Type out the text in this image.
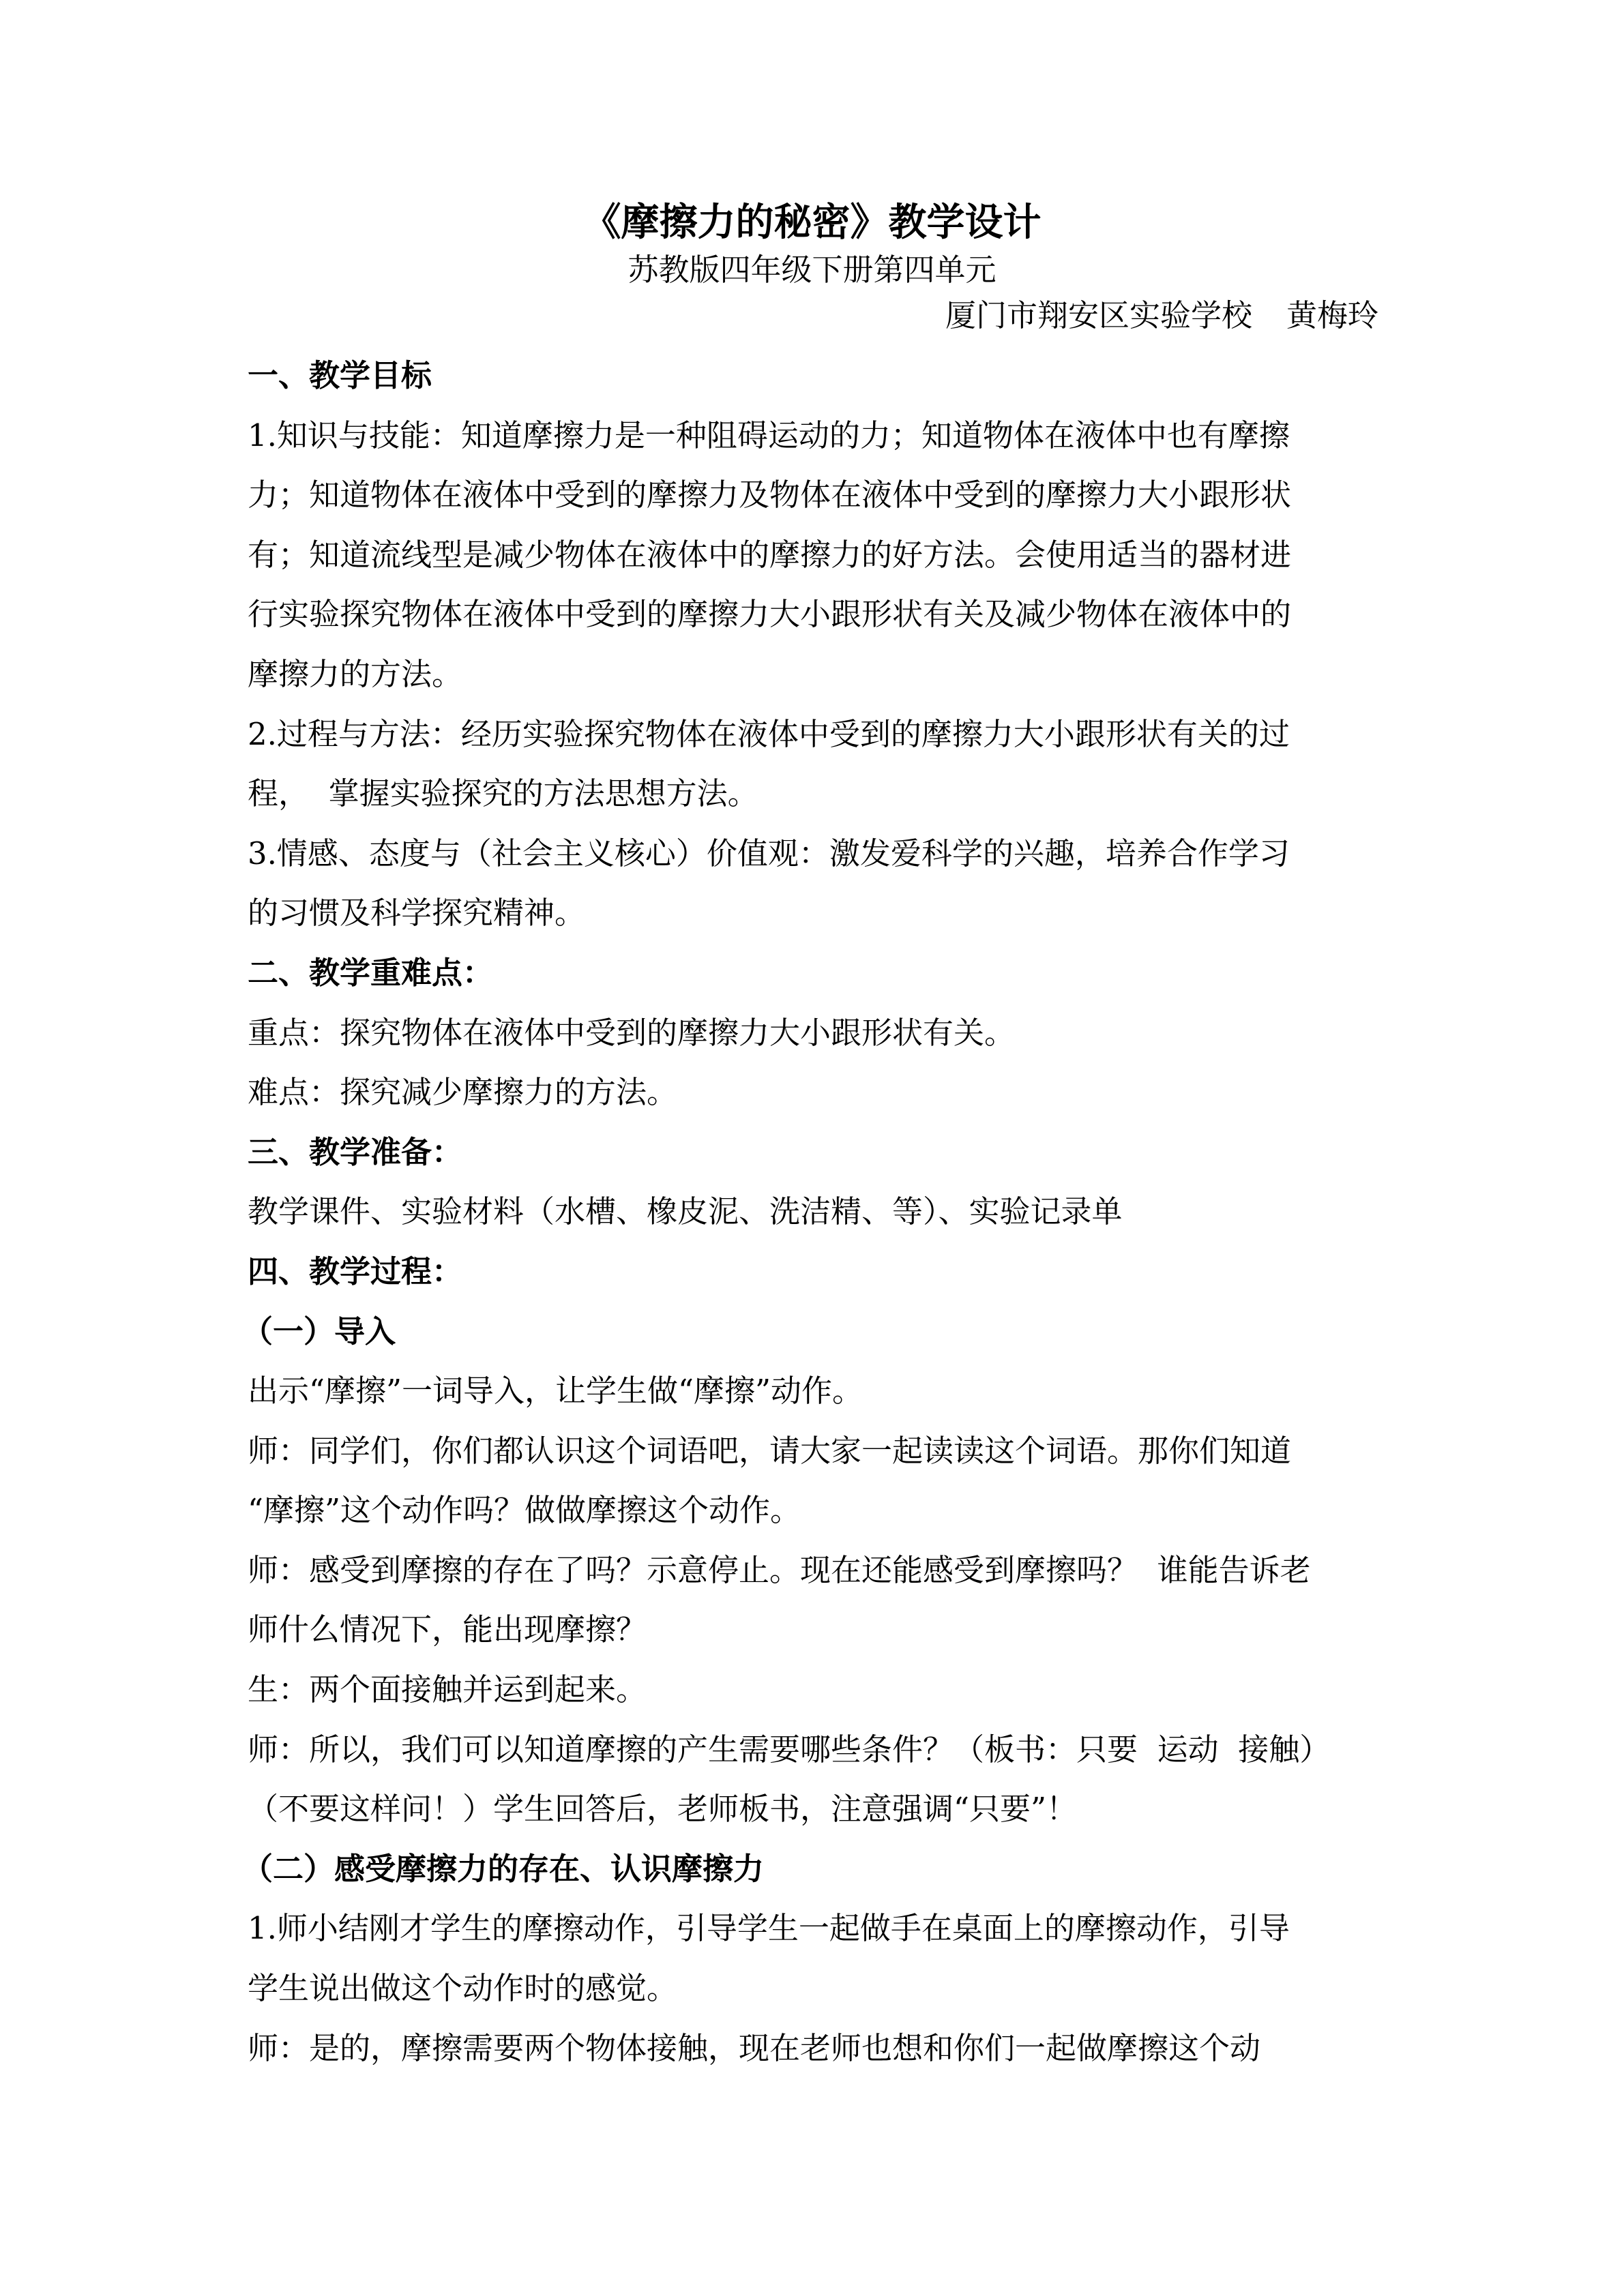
《摩擦力的秘密》教学设计
苏教版四年级下册第四单元
厦门市翔安区实验学校 黄梅玲
一、教学目标
1.知识与技能：知道摩擦力是一种阻碍运动的力；知道物体在液体中也有摩擦
力；知道物体在液体中受到的摩擦力及物体在液体中受到的摩擦力大小跟形状
有；知道流线型是减少物体在液体中的摩擦力的好方法。会使用适当的器材进
行实验探究物体在液体中受到的摩擦力大小跟形状有关及减少物体在液体中的
摩擦力的方法。
2.过程与方法：经历实验探究物体在液体中受到的摩擦力大小跟形状有关的过
程，  掌握实验探究的方法思想方法。
3.情感、态度与（社会主义核心）价值观：激发爱科学的兴趣，培养合作学习
的习惯及科学探究精神。
二、教学重难点：
重点：探究物体在液体中受到的摩擦力大小跟形状有关。
难点：探究减少摩擦力的方法。
三、教学准备：
教学课件、实验材料（水槽、橡皮泥、洗洁精、等）、实验记录单
四、教学过程：
（一）导入
出示“摩擦”一词导入，让学生做“摩擦”动作。
师：同学们，你们都认识这个词语吧，请大家一起读读这个词语。那你们知道
“摩擦”这个动作吗？做做摩擦这个动作。
师：感受到摩擦的存在了吗？示意停止。现在还能感受到摩擦吗？  谁能告诉老
师什么情况下，能出现摩擦？
生：两个面接触并运到起来。
师：所以，我们可以知道摩擦的产生需要哪些条件？（板书：只要  运动  接触）
（不要这样问！）学生回答后，老师板书，注意强调“只要”！
（二）感受摩擦力的存在、认识摩擦力
1.师小结刚才学生的摩擦动作，引导学生一起做手在桌面上的摩擦动作，引导
学生说出做这个动作时的感觉。
师：是的，摩擦需要两个物体接触，现在老师也想和你们一起做摩擦这个动
